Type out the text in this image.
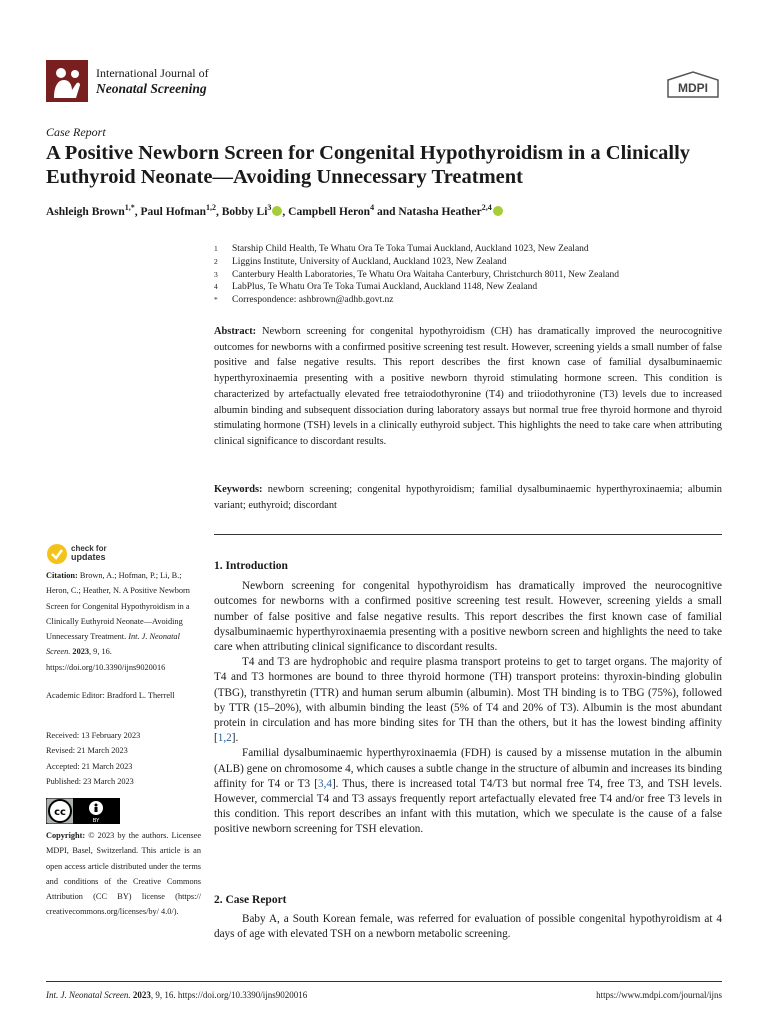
International Journal of
Neonatal Screening	MDPI
Case Report
A Positive Newborn Screen for Congenital Hypothyroidism in a Clinically Euthyroid Neonate—Avoiding Unnecessary Treatment
Ashleigh Brown$^{1,*}$, Paul Hofman$^{1,2}$, Bobby Li$^3$ , Campbell Heron$^4$ and Natasha Heather$^{2,4}$
1	Starship Child Health, Te Whatu Ora Te Toka Tumai Auckland, Auckland 1023, New Zealand
2	Liggins Institute, University of Auckland, Auckland 1023, New Zealand
3	Canterbury Health Laboratories, Te Whatu Ora Waitaha Canterbury, Christchurch 8011, New Zealand
4	LabPlus, Te Whatu Ora Te Toka Tumai Auckland, Auckland 1148, New Zealand
*	Correspondence: ashbrown@adhb.govt.nz
Abstract: Newborn screening for congenital hypothyroidism (CH) has dramatically improved the neurocognitive outcomes for newborns with a confirmed positive screening test result. However, screening yields a small number of false positive and false negative results. This report describes the first known case of familial dysalbuminaemic hyperthyroxinaemia presenting with a positive newborn thyroid stimulating hormone screen. This condition is characterized by artefactually elevated free tetraiodothyronine (T4) and triiodothyronine (T3) levels due to increased albumin binding and subsequent dissociation during laboratory assays but normal true free thyroid hormone and thyroid stimulating hormone (TSH) levels in a clinically euthyroid subject. This highlights the need to take care when attributing clinical significance to discordant results.
Keywords: newborn screening; congenital hypothyroidism; familial dysalbuminaemic hyperthyroxinaemia; albumin variant; euthyroid; discordant
check for
updates
Citation: Brown, A.; Hofman, P.; Li, B.; Heron, C.; Heather, N. A Positive Newborn Screen for Congenital Hypothyroidism in a Clinically Euthyroid Neonate—Avoiding Unnecessary Treatment. Int. J. Neonatal Screen. 2023, 9, 16. https://doi.org/10.3390/ijns9020016
Academic Editor: Bradford L. Therrell
Received: 13 February 2023
Revised: 21 March 2023
Accepted: 21 March 2023
Published: 23 March 2023
cc
BY
Copyright: © 2023 by the authors. Licensee MDPI, Basel, Switzerland. This article is an open access article distributed under the terms and conditions of the Creative Commons Attribution (CC BY) license (https:// creativecommons.org/licenses/by/ 4.0/).
1. Introduction

Newborn screening for congenital hypothyroidism has dramatically improved the neurocognitive outcomes for newborns with a confirmed positive screening test result. However, screening yields a small number of false positive and false negative results. This report describes the first known case of familial dysalbuminaemic hyperthyroxinaemia presenting with a positive newborn screen and highlights the need to take care when attributing clinical significance to discordant results.

T4 and T3 are hydrophobic and require plasma transport proteins to get to target organs. The majority of T4 and T3 hormones are bound to three thyroid hormone (TH) transport proteins: thyroxin-binding globulin (TBG), transthyretin (TTR) and human serum albumin (albumin). Most TH binding is to TBG (75%), followed by TTR (15–20%), with albumin binding the least (5% of T4 and 20% of T3). Albumin is the most abundant protein in circulation and has more binding sites for TH than the others, but it has the lowest binding affinity [1,2].

Familial dysalbuminaemic hyperthyroxinaemia (FDH) is caused by a missense mutation in the albumin (ALB) gene on chromosome 4, which causes a subtle change in the structure of albumin and increases its binding affinity for T4 or T3 [3,4]. Thus, there is increased total T4/T3 but normal free T4, free T3, and TSH levels. However, commercial T4 and T3 assays frequently report artefactually elevated free T4 and/or free T3 levels in this condition. This report describes an infant with this mutation, which we speculate is the cause of a false positive newborn screening for TSH elevation.

2. Case Report

Baby A, a South Korean female, was referred for evaluation of possible congenital hypothyroidism at 4 days of age with elevated TSH on a newborn metabolic screening.

Int. J. Neonatal Screen. 2023, 9, 16. https://doi.org/10.3390/ijns9020016	https://www.mdpi.com/journal/ijns
